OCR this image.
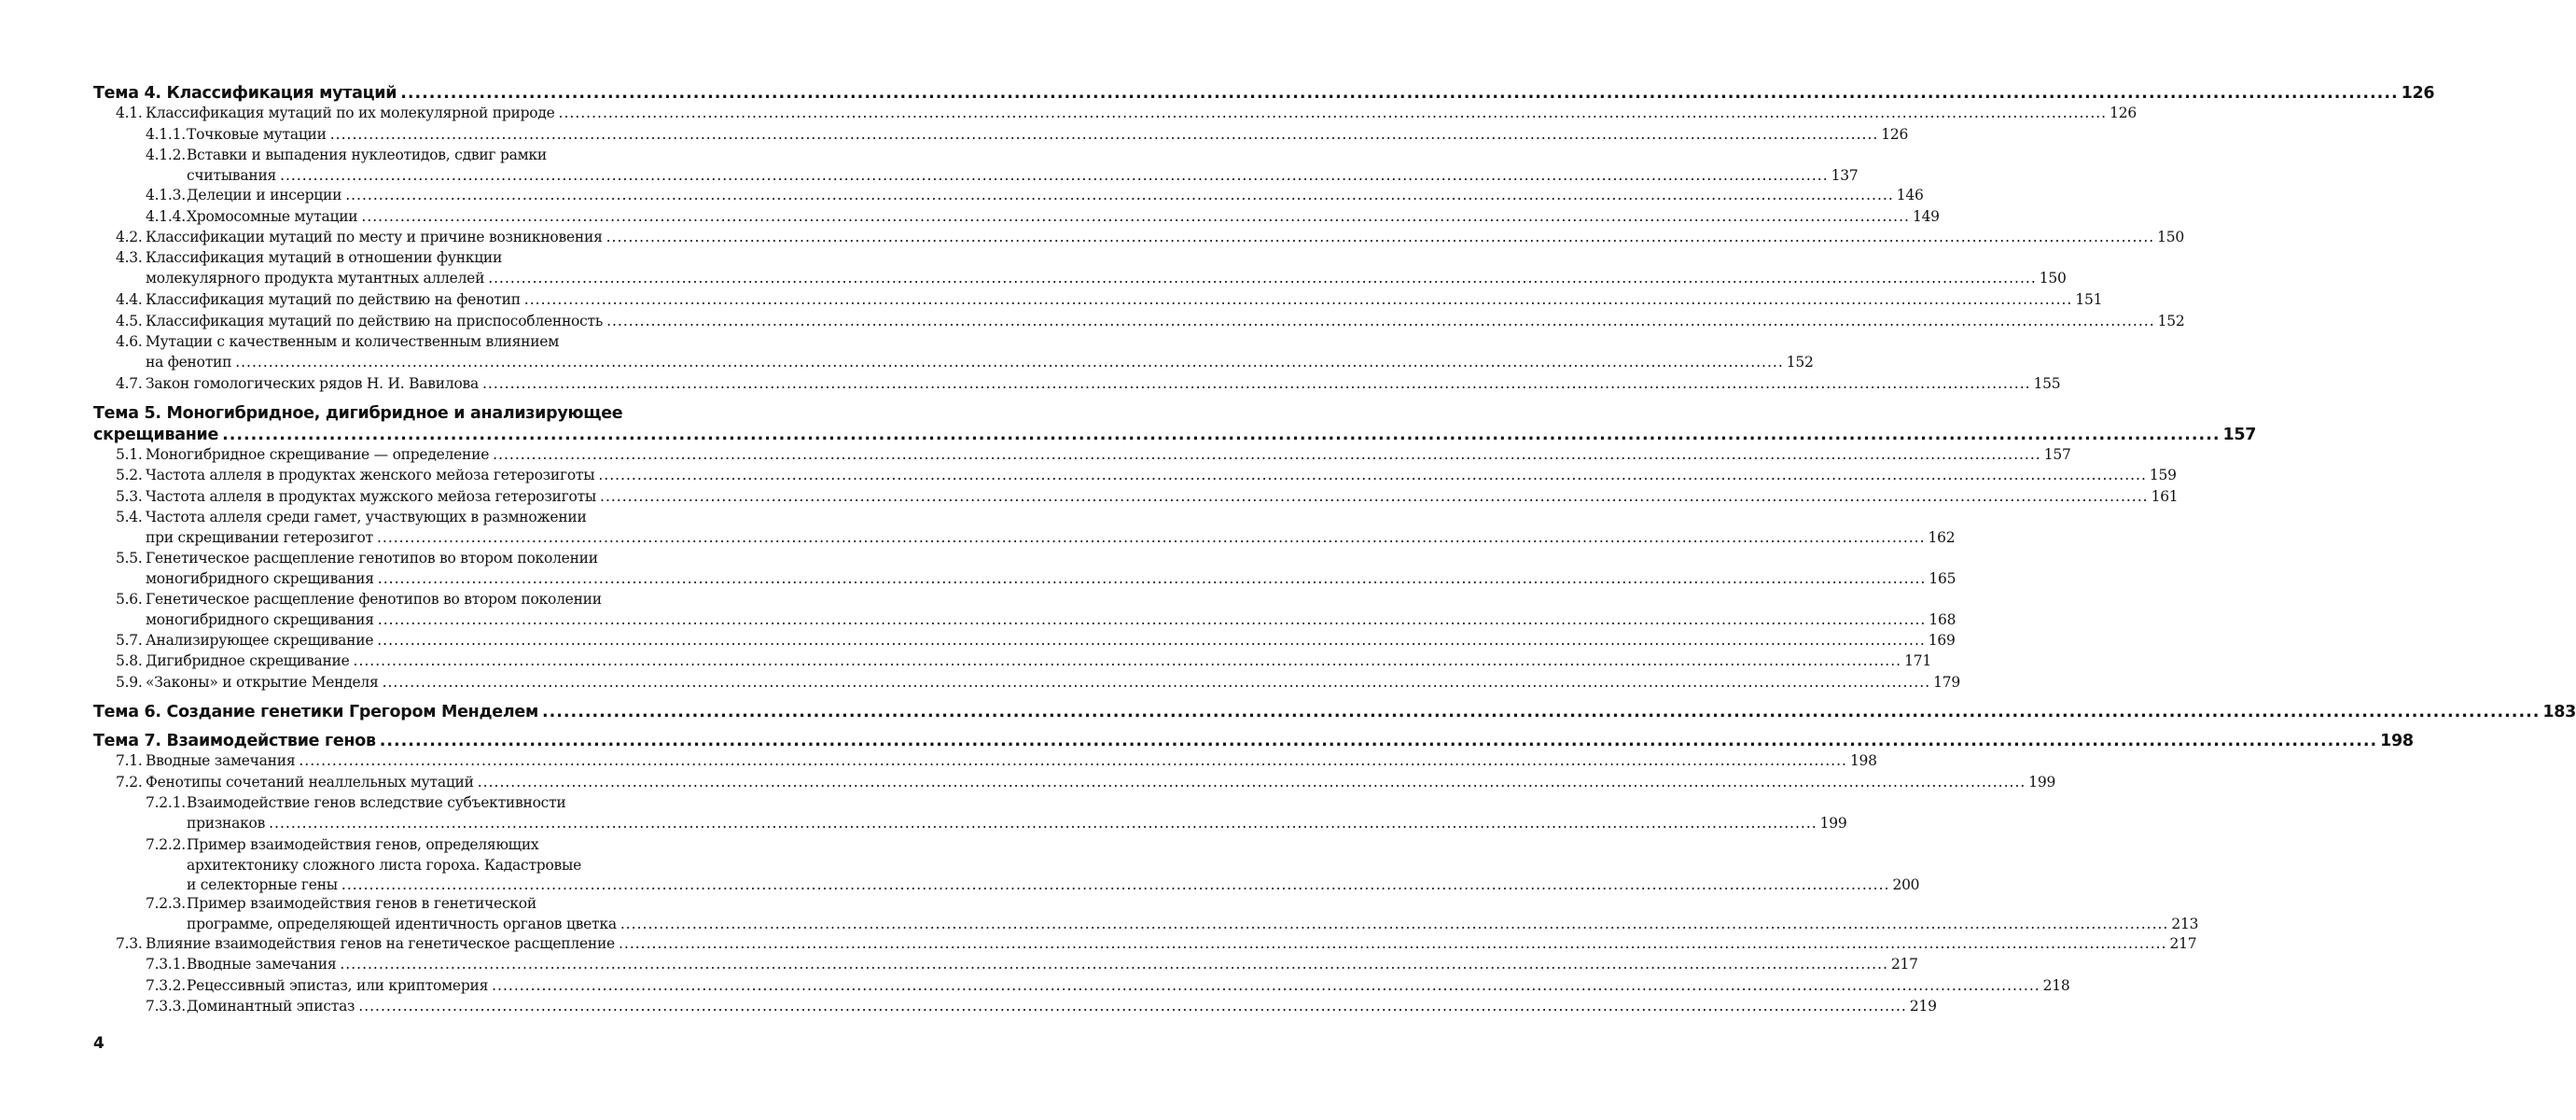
Тема 4. Классификация мутаций .....	126
4.1. Классификация мутаций по их молекулярной природе .....	126
4.1.1. Точковые мутации .....	126
4.1.2. Вставки и выпадения нуклеотидов, сдвиг рамки
считывания .....	137
4.1.3. Делеции и инсерции .....	146
4.1.4. Хромосомные мутации .....	149
4.2. Классификации мутаций по месту и причине возникновения .....	150
4.3. Классификация мутаций в отношении функции
молекулярного продукта мутантных аллелей .....	150
4.4. Классификация мутаций по действию на фенотип .....	151
4.5. Классификация мутаций по действию на приспособленность .....	152
4.6. Мутации с качественным и количественным влиянием
на фенотип .....	152
4.7. Закон гомологических рядов Н. И. Вавилова .....	155
Тема 5. Моногибридное, дигибридное и анализирующее
скрещивание .....	157
5.1. Моногибридное скрещивание — определение .....	157
5.2. Частота аллеля в продуктах женского мейоза гетерозиготы .....	159
5.3. Частота аллеля в продуктах мужского мейоза гетерозиготы .....	161
5.4. Частота аллеля среди гамет, участвующих в размножении
при скрещивании гетерозигот .....	162
5.5. Генетическое расщепление генотипов во втором поколении
моногибридного скрещивания .....	165
5.6. Генетическое расщепление фенотипов во втором поколении
моногибридного скрещивания .....	168
5.7. Анализирующее скрещивание .....	169
5.8. Дигибридное скрещивание .....	171
5.9. «Законы» и открытие Менделя .....	179
Тема 6. Создание генетики Грегором Менделем .....	183
Тема 7. Взаимодействие генов .....	198
7.1. Вводные замечания .....	198
7.2. Фенотипы сочетаний неаллельных мутаций .....	199
7.2.1. Взаимодействие генов вследствие субъективности
признаков .....	199
7.2.2. Пример взаимодействия генов, определяющих
архитектонику сложного листа гороха. Кадастровые
и селекторные гены .....	200
7.2.3. Пример взаимодействия генов в генетической
программе, определяющей идентичность органов цветка .....	213
7.3. Влияние взаимодействия генов на генетическое расщепление .....	217
7.3.1. Вводные замечания .....	217
7.3.2. Рецессивный эпистаз, или криптомерия .....	218
7.3.3. Доминантный эпистаз .....	219
4
